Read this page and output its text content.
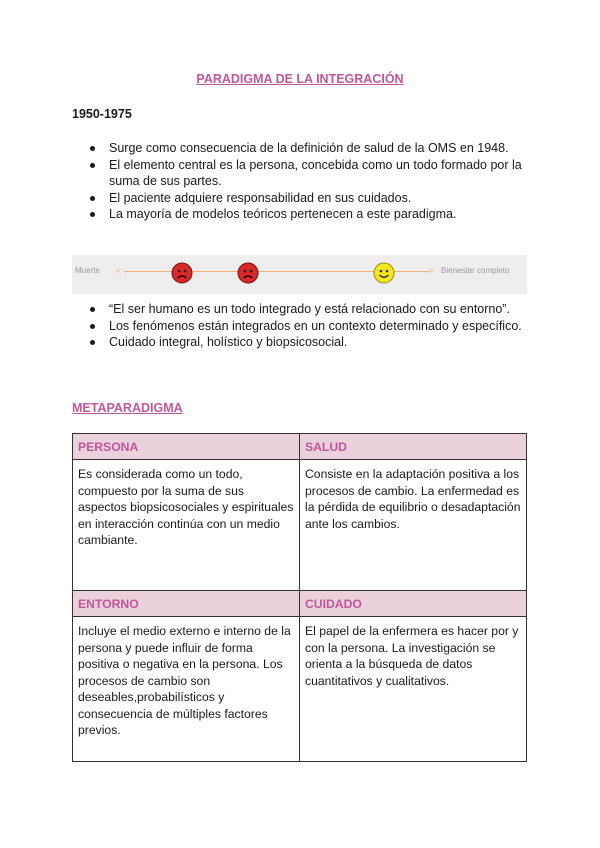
PARADIGMA DE LA INTEGRACIÓN
1950-1975
Surge como consecuencia de la definición de salud de la OMS en 1948.
El elemento central es la persona, concebida como un todo formado por la suma de sus partes.
El paciente adquiere responsabilidad en sus cuidados.
La mayoría de modelos teóricos pertenecen a este paradigma.
Muerte <	> Bienestar completo
“El ser humano es un todo integrado y está relacionado con su entorno”.
Los fenómenos están integrados en un contexto determinado y específico.
Cuidado integral, holístico y biopsicosocial.
METAPARADIGMA
PERSONA	SALUD
Es considerada como un todo, compuesto por la suma de sus aspectos biopsicosociales y espirituales en interacción continúa con un medio cambiante.	Consiste en la adaptación positiva a los procesos de cambio. La enfermedad es la pérdida de equilibrio o desadaptación ante los cambios.
ENTORNO	CUIDADO
Incluye el medio externo e interno de la persona y puede influir de forma positiva o negativa en la persona. Los procesos de cambio son deseables,probabilísticos y consecuencia de múltiples factores previos.	El papel de la enfermera es hacer por y con la persona. La investigación se orienta a la búsqueda de datos cuantitativos y cualitativos.
